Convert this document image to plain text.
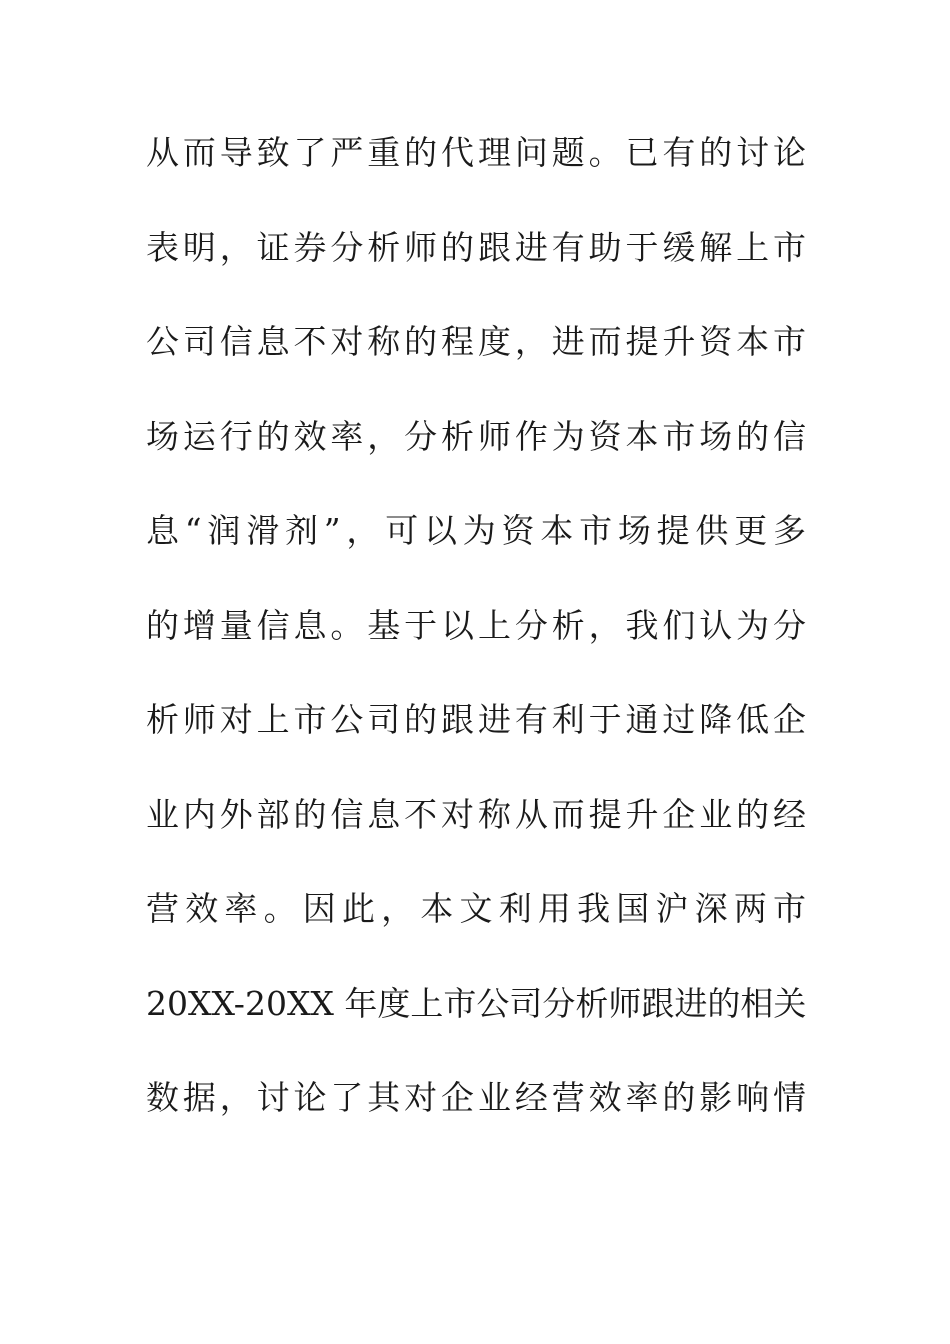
从而导致了严重的代理问题。已有的讨论
表明，证券分析师的跟进有助于缓解上市
公司信息不对称的程度，进而提升资本市
场运行的效率，分析师作为资本市场的信
息“润滑剂”，可以为资本市场提供更多
的增量信息。基于以上分析，我们认为分
析师对上市公司的跟进有利于通过降低企
业内外部的信息不对称从而提升企业的经
营效率。因此，本文利用我国沪深两市
20XX-20XX 年度上市公司分析师跟进的相关
数据，讨论了其对企业经营效率的影响情
